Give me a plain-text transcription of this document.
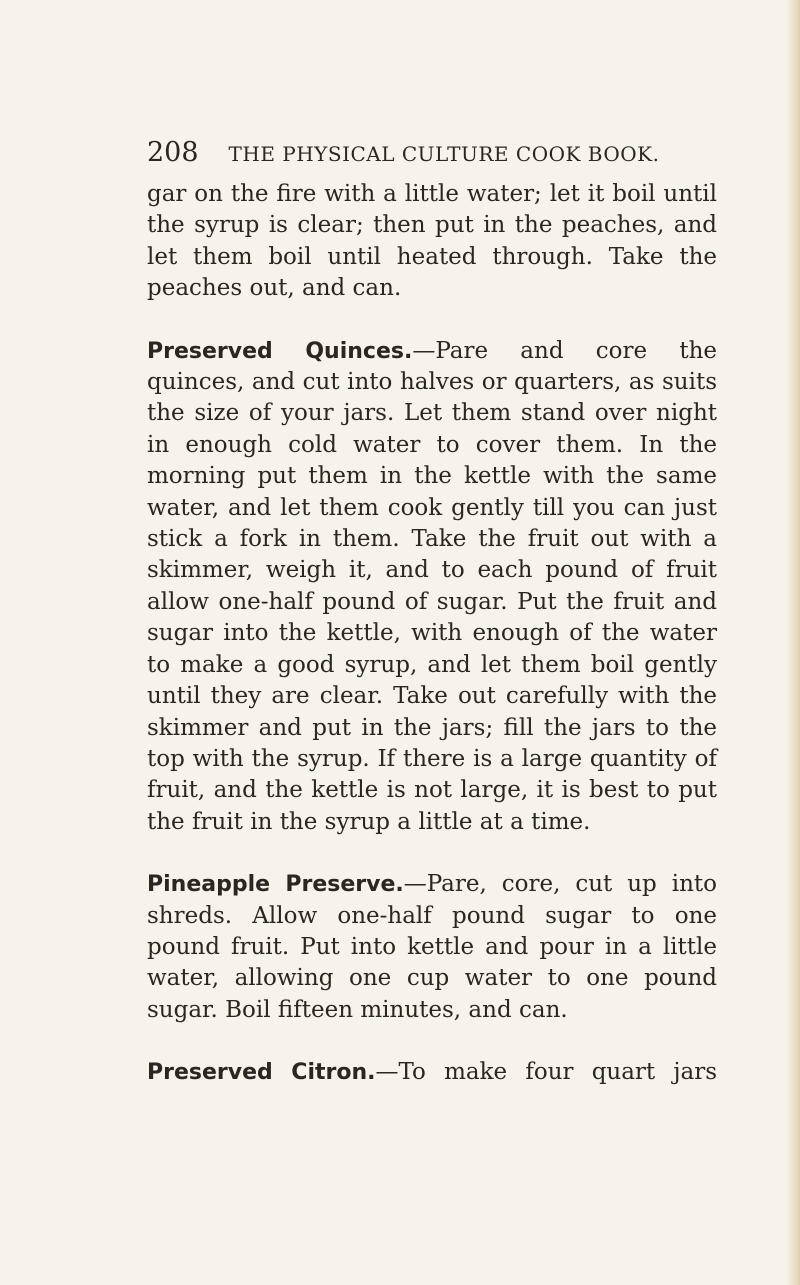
208 THE PHYSICAL CULTURE COOK BOOK.

gar on the fire with a little water; let it boil until the syrup is clear; then put in the peaches, and let them boil until heated through. Take the peaches out, and can.

Preserved Quinces.—Pare and core the quinces, and cut into halves or quarters, as suits the size of your jars. Let them stand over night in enough cold water to cover them. In the morning put them in the kettle with the same water, and let them cook gently till you can just stick a fork in them. Take the fruit out with a skimmer, weigh it, and to each pound of fruit allow one-half pound of sugar. Put the fruit and sugar into the kettle, with enough of the water to make a good syrup, and let them boil gently until they are clear. Take out carefully with the skimmer and put in the jars; fill the jars to the top with the syrup. If there is a large quantity of fruit, and the kettle is not large, it is best to put the fruit in the syrup a little at a time.

Pineapple Preserve.—Pare, core, cut up into shreds. Allow one-half pound sugar to one pound fruit. Put into kettle and pour in a little water, allowing one cup water to one pound sugar. Boil fifteen minutes, and can.

Preserved Citron.—To make four quart jars
